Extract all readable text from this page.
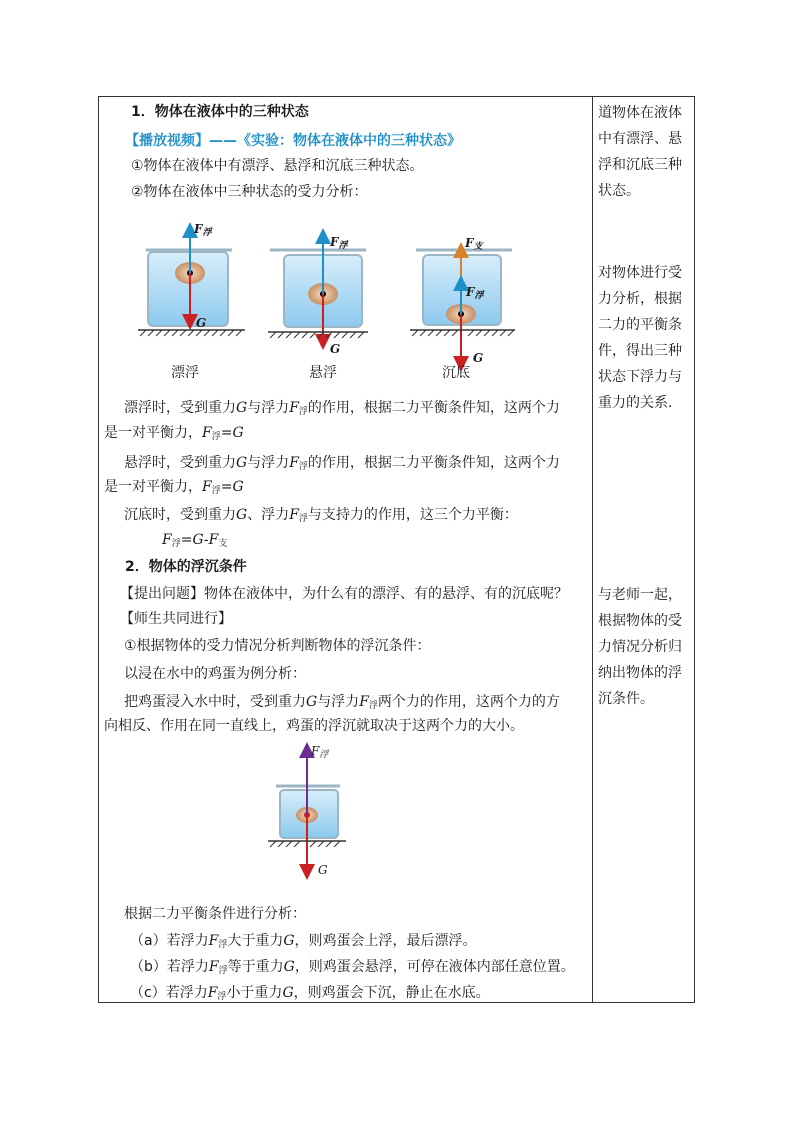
1．物体在液体中的三种状态
【播放视频】——《实验：物体在液体中的三种状态》
①物体在液体中有漂浮、悬浮和沉底三种状态。
②物体在液体中三种状态的受力分析：
$F_浮$
G
$F_浮$
G
$F_支$
$F_浮$
G
漂浮	悬浮	沉底
漂浮时，受到重力G与浮力$F_浮$的作用，根据二力平衡条件知，这两个力
是一对平衡力，$F_浮=G$
悬浮时，受到重力G与浮力$F_浮$的作用，根据二力平衡条件知，这两个力
是一对平衡力，$F_浮=G$
沉底时，受到重力G、浮力$F_浮$与支持力的作用，这三个力平衡：
$F_浮=G-F_支$
2．物体的浮沉条件
【提出问题】物体在液体中，为什么有的漂浮、有的悬浮、有的沉底呢？
【师生共同进行】
①根据物体的受力情况分析判断物体的浮沉条件：
以浸在水中的鸡蛋为例分析：
把鸡蛋浸入水中时，受到重力G与浮力$F_浮$两个力的作用，这两个力的方
向相反、作用在同一直线上，鸡蛋的浮沉就取决于这两个力的大小。
$F_浮$
G
根据二力平衡条件进行分析：
（a）若浮力$F_浮$大于重力G，则鸡蛋会上浮，最后漂浮。
（b）若浮力$F_浮$等于重力G，则鸡蛋会悬浮，可停在液体内部任意位置。
（c）若浮力$F_浮$小于重力G，则鸡蛋会下沉，静止在水底。
道物体在液体中有漂浮、悬浮和沉底三种状态。
对物体进行受力分析，根据二力的平衡条件，得出三种状态下浮力与重力的关系.
与老师一起，根据物体的受力情况分析归纳出物体的浮沉条件。
